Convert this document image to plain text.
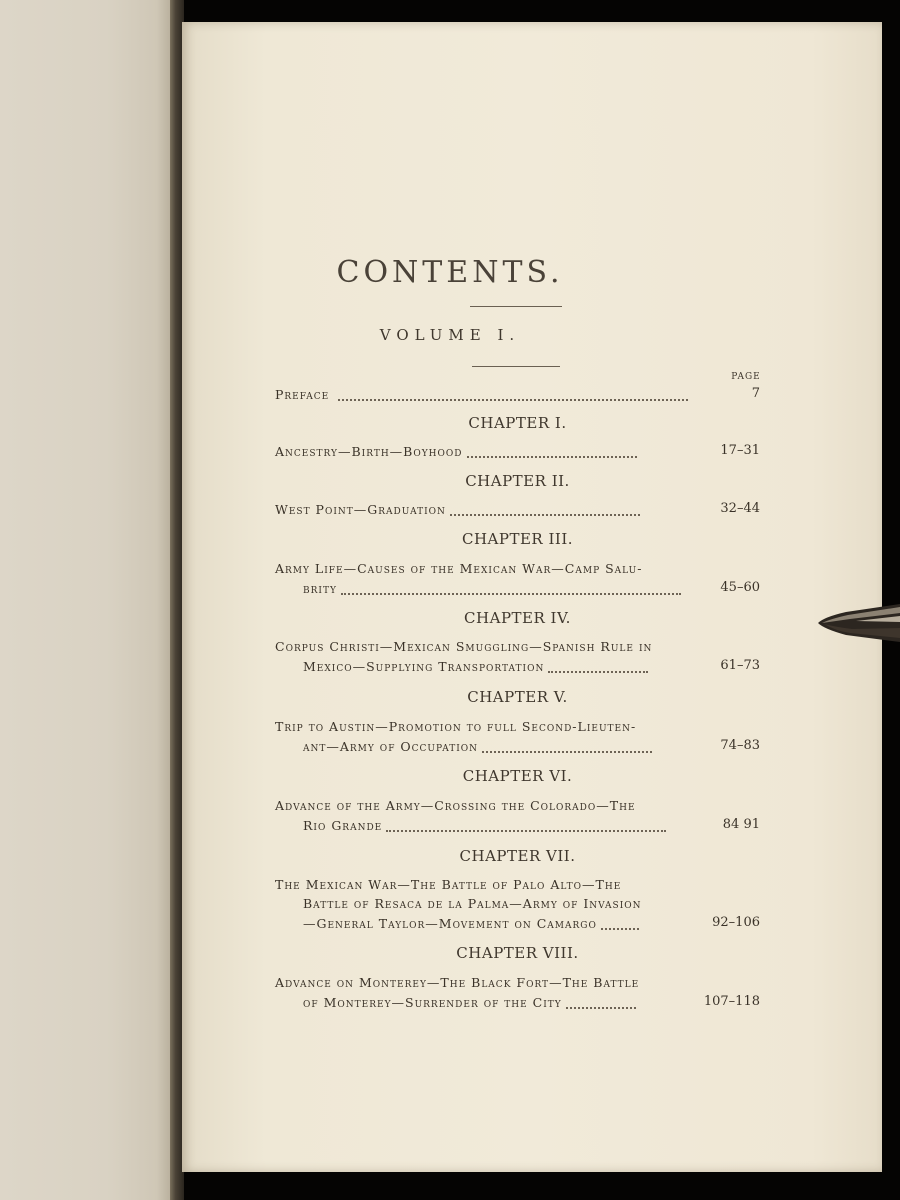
CONTENTS.
VOLUME I.
PAGE
Preface	7
CHAPTER I.
Ancestry—Birth—Boyhood	17–31
CHAPTER II.
West Point—Graduation	32–44
CHAPTER III.
Army Life—Causes of the Mexican War—Camp Salu-
brity	45–60
CHAPTER IV.
Corpus Christi—Mexican Smuggling—Spanish Rule in
Mexico—Supplying Transportation	61–73
CHAPTER V.
Trip to Austin—Promotion to full Second-Lieuten-
ant—Army of Occupation	74–83
CHAPTER VI.
Advance of the Army—Crossing the Colorado—The
Rio Grande	84 91
CHAPTER VII.
The Mexican War—The Battle of Palo Alto—The
Battle of Resaca de la Palma—Army of Invasion
—General Taylor—Movement on Camargo	92–106
CHAPTER VIII.
Advance on Monterey—The Black Fort—The Battle
of Monterey—Surrender of the City	107–118
